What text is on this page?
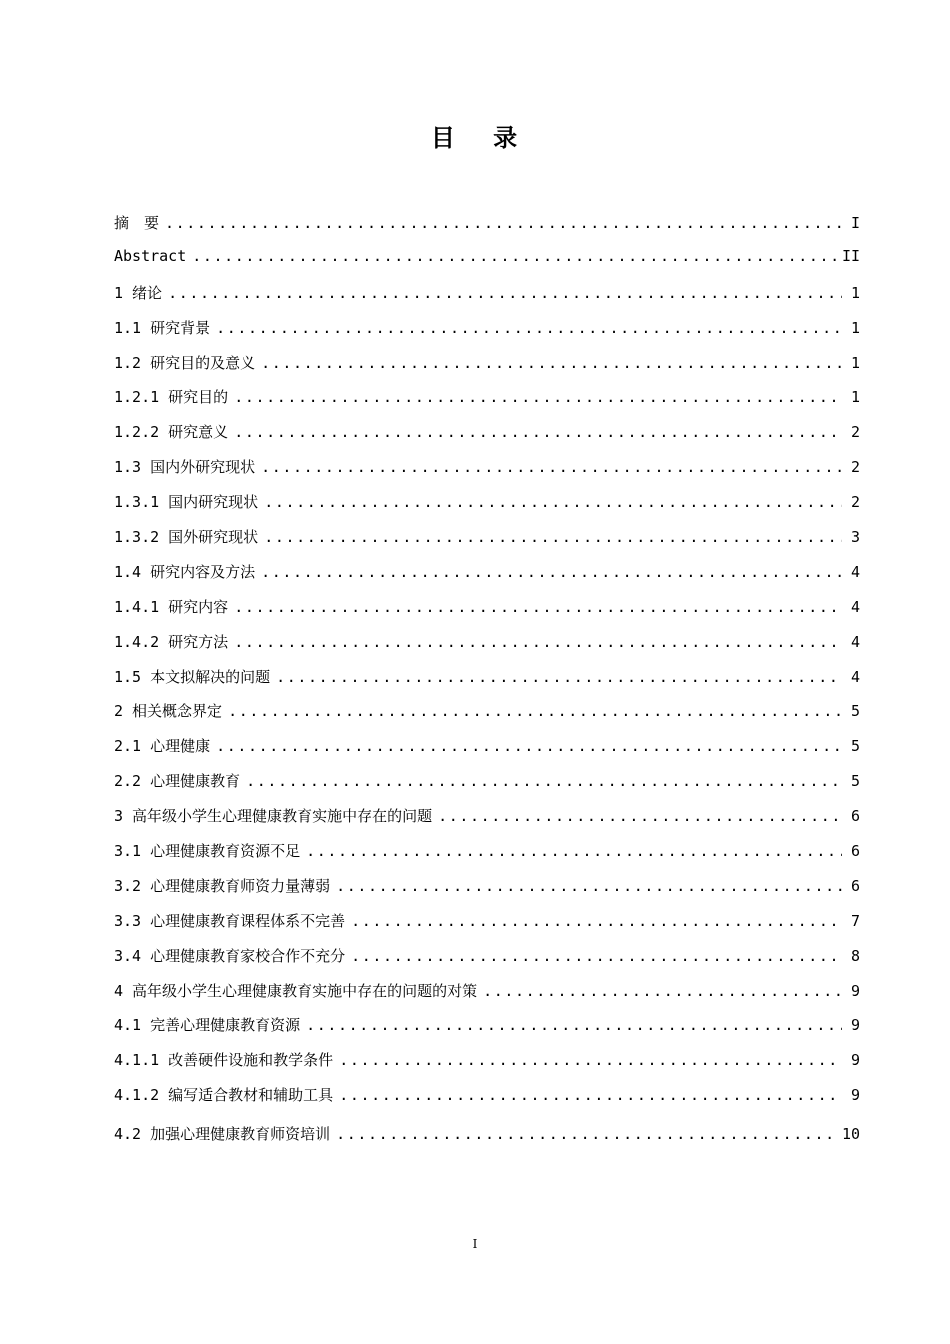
目 录
摘　要 .....	I
Abstract .....	II
1 绪论 .....	1
1.1 研究背景 .....	1
1.2 研究目的及意义 .....	1
1.2.1 研究目的 .....	1
1.2.2 研究意义 .....	2
1.3 国内外研究现状 .....	2
1.3.1 国内研究现状 .....	2
1.3.2 国外研究现状 .....	3
1.4 研究内容及方法 .....	4
1.4.1 研究内容 .....	4
1.4.2 研究方法 .....	4
1.5 本文拟解决的问题 .....	4
2 相关概念界定 .....	5
2.1 心理健康 .....	5
2.2 心理健康教育 .....	5
3 高年级小学生心理健康教育实施中存在的问题 .....	6
3.1 心理健康教育资源不足 .....	6
3.2 心理健康教育师资力量薄弱 .....	6
3.3 心理健康教育课程体系不完善 .....	7
3.4 心理健康教育家校合作不充分 .....	8
4 高年级小学生心理健康教育实施中存在的问题的对策 .....	9
4.1 完善心理健康教育资源 .....	9
4.1.1 改善硬件设施和教学条件 .....	9
4.1.2 编写适合教材和辅助工具 .....	9
4.2 加强心理健康教育师资培训 .....	10
I
